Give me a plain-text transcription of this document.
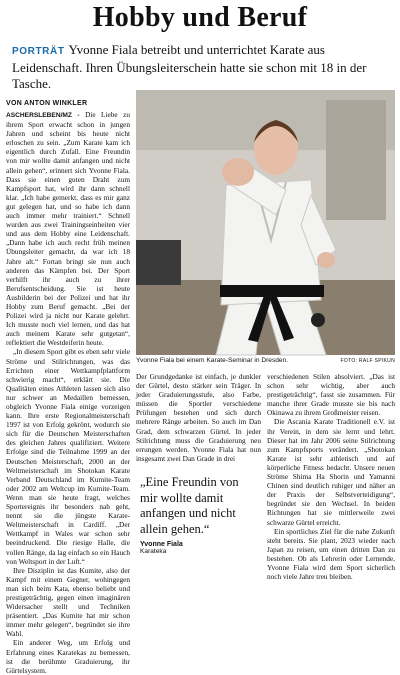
Hobby und Beruf
PORTRÄT Yvonne Fiala betreibt und unterrichtet Karate aus Leidenschaft. Ihren Übungsleiterschein hatte sie schon mit 18 in der Tasche.
VON ANTON WINKLER

ASCHERSLEBEN/MZ - Die Liebe zu ihrem Sport erwacht schon in jungen Jahren und scheint bis heute nicht erloschen zu sein. „Zum Karate kam ich eigentlich durch Zufall. Eine Freundin von mir wollte damit anfangen und nicht allein gehen“, erinnert sich Yvonne Fiala. Dass sie einen guten Draht zum Kampfsport hat, wird ihr dann schnell klar. „Ich habe gemerkt, dass es mir ganz gut gelegen hat, und so habe ich dann auch immer mehr trainiert.“ Schnell wurden aus zwei Trainingseinheiten vier und aus dem Hobby eine Leidenschaft. „Dann habe ich auch recht früh meinen Übungsleiter gemacht, da war ich 18 Jahre alt.“ Fortan bringt sie nun auch anderen das Kämpfen bei. Der Sport verhilft ihr auch zu ihrer Berufsentscheidung. Sie ist heute Ausbilderin bei der Polizei und hat ihr Hobby zum Beruf gemacht. „Bei der Polizei wird ja nicht nur Karate gelehrt. Ich musste noch viel lernen, und das hat auch meinem Karate sehr gutgetan“, reflektiert die Westdeiferin heute.

„In diesem Sport gibt es eben sehr viele Ströme und Stilrichtungen, was das Errichten einer Wettkampfplattform schwierig macht“, erklärt sie. Die Qualitäten eines Athleten lassen sich also nur schwer an Medaillen bemessen, obgleich Yvonne Fiala einige vorzeigen kann. Ihre erste Regionalmeisterschaft 1997 ist von Erfolg gekrönt, wodurch sie sich für die Deutschen Meisterschaften des gleichen Jahres qualifiziert. Weitere Erfolge sind die Teilnahme 1999 an der Deutschen Meisterschaft, 2000 an der Weltmeisterschaft im Shotokan Karate Verband Deutschland im Kumite-Team oder 2002 am Weltcup im Kumite-Team. Wenn man sie heute fragt, welches Sportereignis ihr besonders nah geht, nennt sie die jüngste Karate-Weltmeisterschaft in Cardiff. „Der Wettkampf in Wales war schon sehr beeindruckend. Die riesige Halle, die vollen Ränge, da lag einfach so ein Hauch von Weltsport in der Luft.“

Ihre Disziplin ist das Kumite, also der Kampf mit einem Gegner, wohingegen man sich beim Kata, ebenso beliebt und prestigeträchtig, gegen einen imaginären Widersacher stellt und Techniken präsentiert. „Das Kumite hat mir schon immer mehr gelegen“, begründet sie ihre Wahl.

Ein anderer Weg, um Erfolg und Erfahrung eines Karatekas zu bemessen, ist die berühmte Graduierung, ihr Gürtelsystem.

Yvonne Fiala bei einem Karate-Seminar in Dresden.	FOTO: RALF SPIKUN

Der Grundgedanke ist einfach, je dunkler der Gürtel, desto stärker sein Träger. In jeder Graduierungsstufe, also Farbe, müssen die Sportler verschiedene Prüfungen bestehen und sich durch mehrere Ränge arbeiten. So auch im Dan Grad, dem schwarzen Gürtel. In jeder Stilrichtung muss die Graduierung neu errungen werden. Yvonne Fiala hat nun insgesamt zwei Dan Grade in drei

„Eine Freundin von mir wollte damit anfangen und nicht allein gehen.“
Yvonne Fiala
Karateka

verschiedenen Stilen absolviert. „Das ist schon sehr wichtig, aber auch prestigeträchtig“, fasst sie zusammen. Für manche ihrer Grade musste sie bis nach Okinawa zu ihrem Großmeister reisen.

Die Ascania Karate Traditionell e.V. ist ihr Verein, in dem sie lernt und lehrt. Dieser hat im Jahr 2006 seine Stilrichtung zum Kampfsports verändert. „Shotokan Karate ist sehr athletisch und auf körperliche Fitness bedacht. Unsere neuen Ströme Shima Ha Shorin und Yamanni Chinen sind deutlich ruhiger und näher an der Praxis der Selbstverteidigung“, begründet sie den Wechsel. In beiden Richtungen hat sie mittlerweile zwei schwarze Gürtel erreicht.

Ein sportliches Ziel für die nahe Zukunft steht bereits. Sie plant, 2023 wieder nach Japan zu reisen, um einen dritten Dan zu bestehen. Ob als Lehrerin oder Lernende, Yvonne Fiala wird dem Sport sicherlich noch viele Jahre treu bleiben.
